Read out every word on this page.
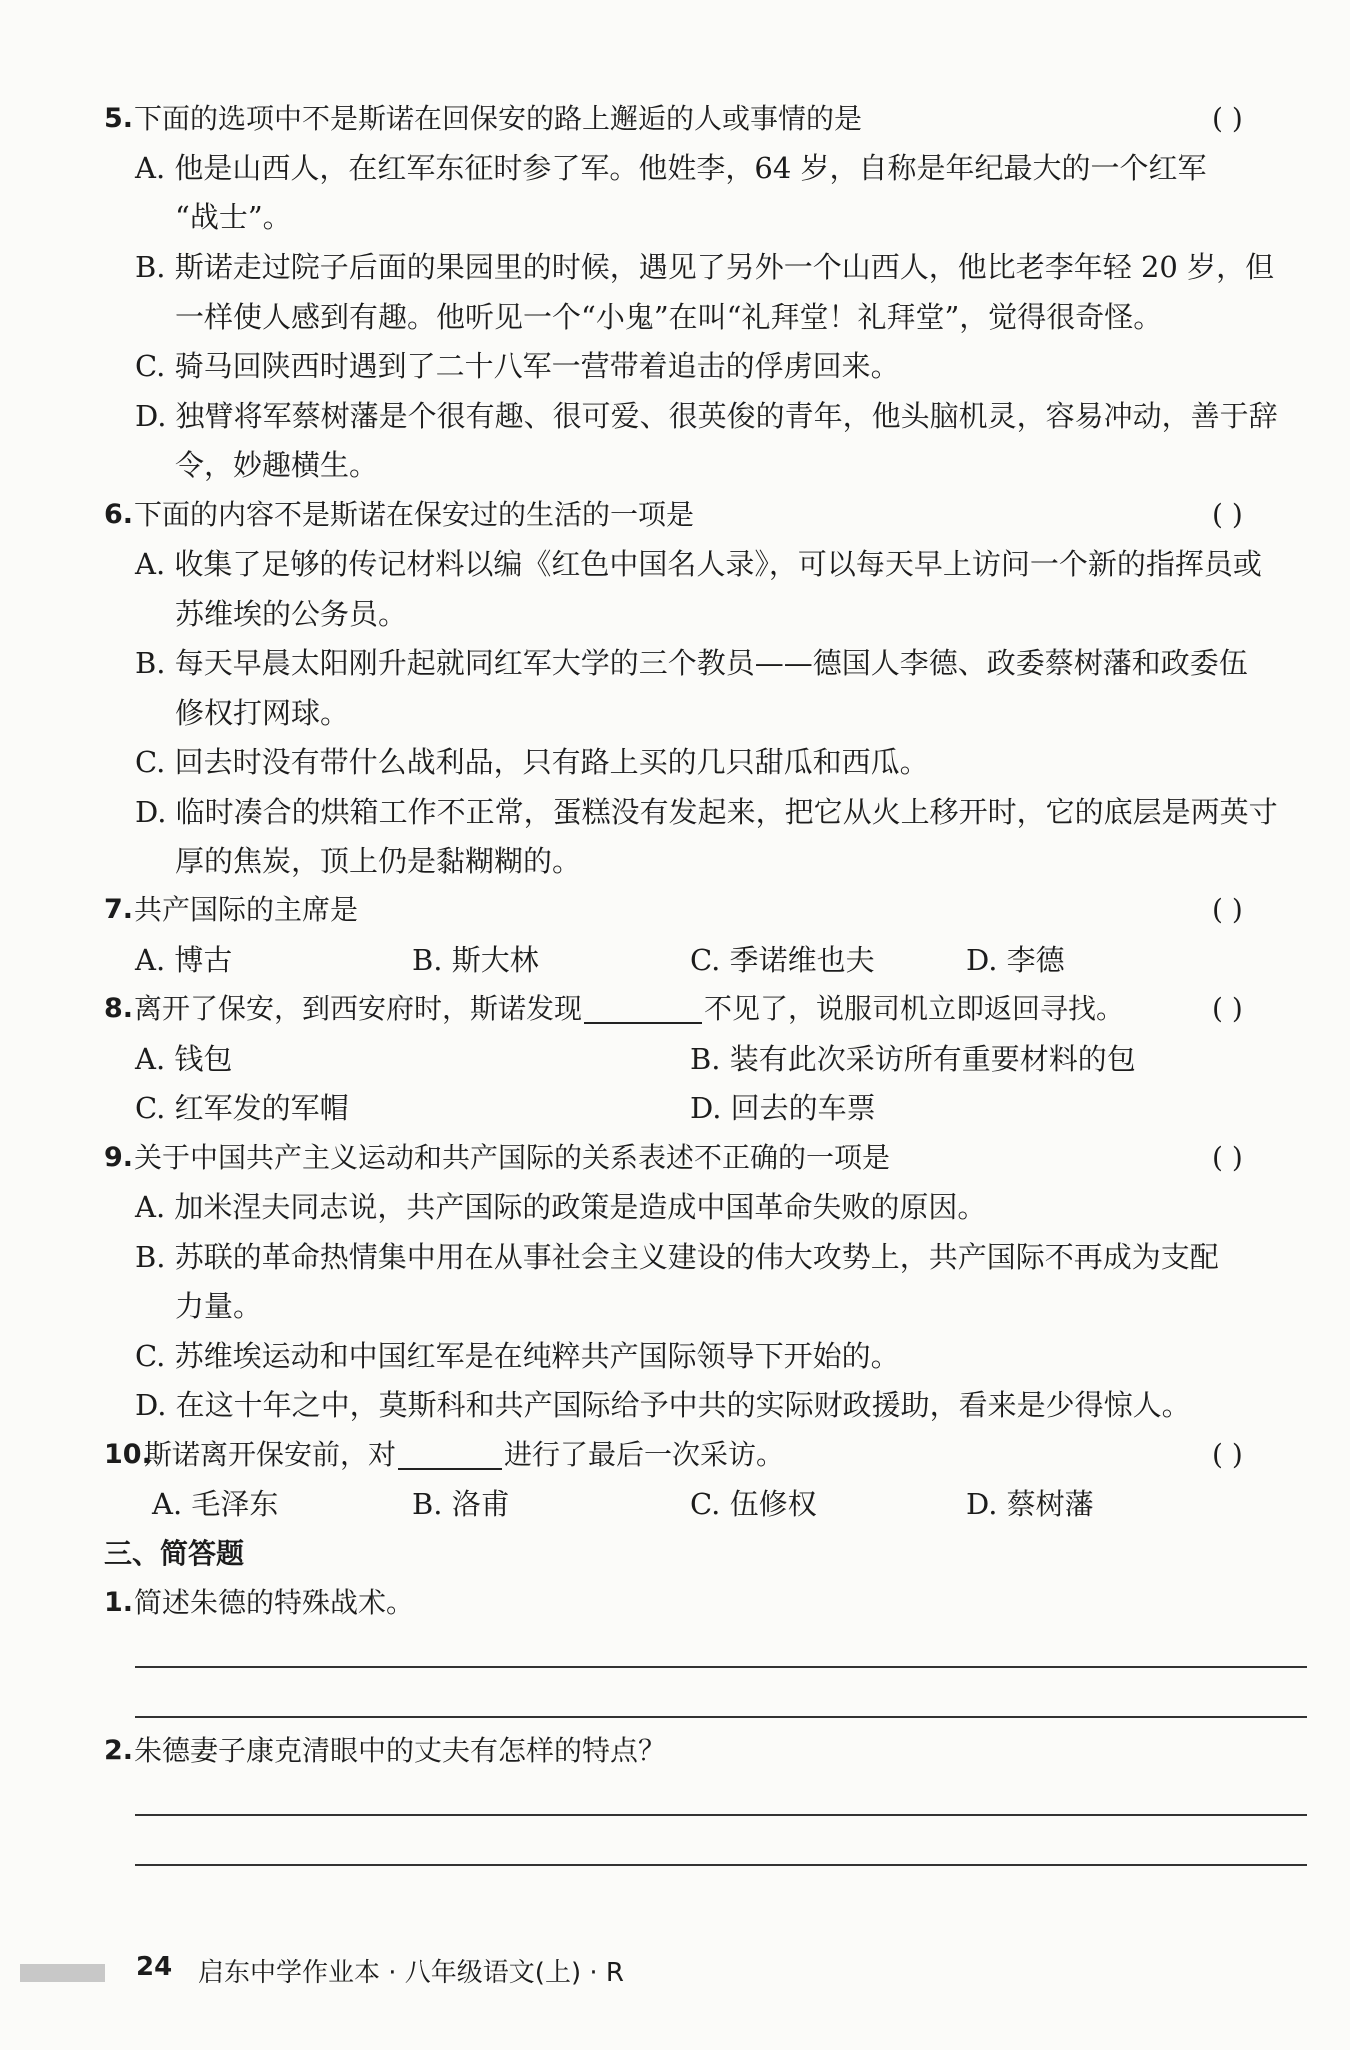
5. 下面的选项中不是斯诺在回保安的路上邂逅的人或事情的是	( )
A. 他是山西人，在红军东征时参了军。他姓李，64 岁，自称是年纪最大的一个红军
“战士”。
B. 斯诺走过院子后面的果园里的时候，遇见了另外一个山西人，他比老李年轻 20 岁，但
一样使人感到有趣。他听见一个“小鬼”在叫“礼拜堂！礼拜堂”，觉得很奇怪。
C. 骑马回陕西时遇到了二十八军一营带着追击的俘虏回来。
D. 独臂将军蔡树藩是个很有趣、很可爱、很英俊的青年，他头脑机灵，容易冲动，善于辞
令，妙趣横生。
6. 下面的内容不是斯诺在保安过的生活的一项是	( )
A. 收集了足够的传记材料以编《红色中国名人录》，可以每天早上访问一个新的指挥员或
苏维埃的公务员。
B. 每天早晨太阳刚升起就同红军大学的三个教员——德国人李德、政委蔡树藩和政委伍
修权打网球。
C. 回去时没有带什么战利品，只有路上买的几只甜瓜和西瓜。
D. 临时凑合的烘箱工作不正常，蛋糕没有发起来，把它从火上移开时，它的底层是两英寸
厚的焦炭，顶上仍是黏糊糊的。
7. 共产国际的主席是	( )
A. 博古	B. 斯大林	C. 季诺维也夫	D. 李德
8. 离开了保安，到西安府时，斯诺发现	不见了，说服司机立即返回寻找。	( )
A. 钱包	B. 装有此次采访所有重要材料的包
C. 红军发的军帽	D. 回去的车票
9. 关于中国共产主义运动和共产国际的关系表述不正确的一项是	( )
A. 加米涅夫同志说，共产国际的政策是造成中国革命失败的原因。
B. 苏联的革命热情集中用在从事社会主义建设的伟大攻势上，共产国际不再成为支配
力量。
C. 苏维埃运动和中国红军是在纯粹共产国际领导下开始的。
D. 在这十年之中，莫斯科和共产国际给予中共的实际财政援助，看来是少得惊人。
10.
斯诺离开保安前，对	进行了最后一次采访。	( )
A. 毛泽东	B. 洛甫	C. 伍修权	D. 蔡树藩
三、简答题
1. 简述朱德的特殊战术。
2. 朱德妻子康克清眼中的丈夫有怎样的特点？
24 启东中学作业本 · 八年级语文(上) · R
